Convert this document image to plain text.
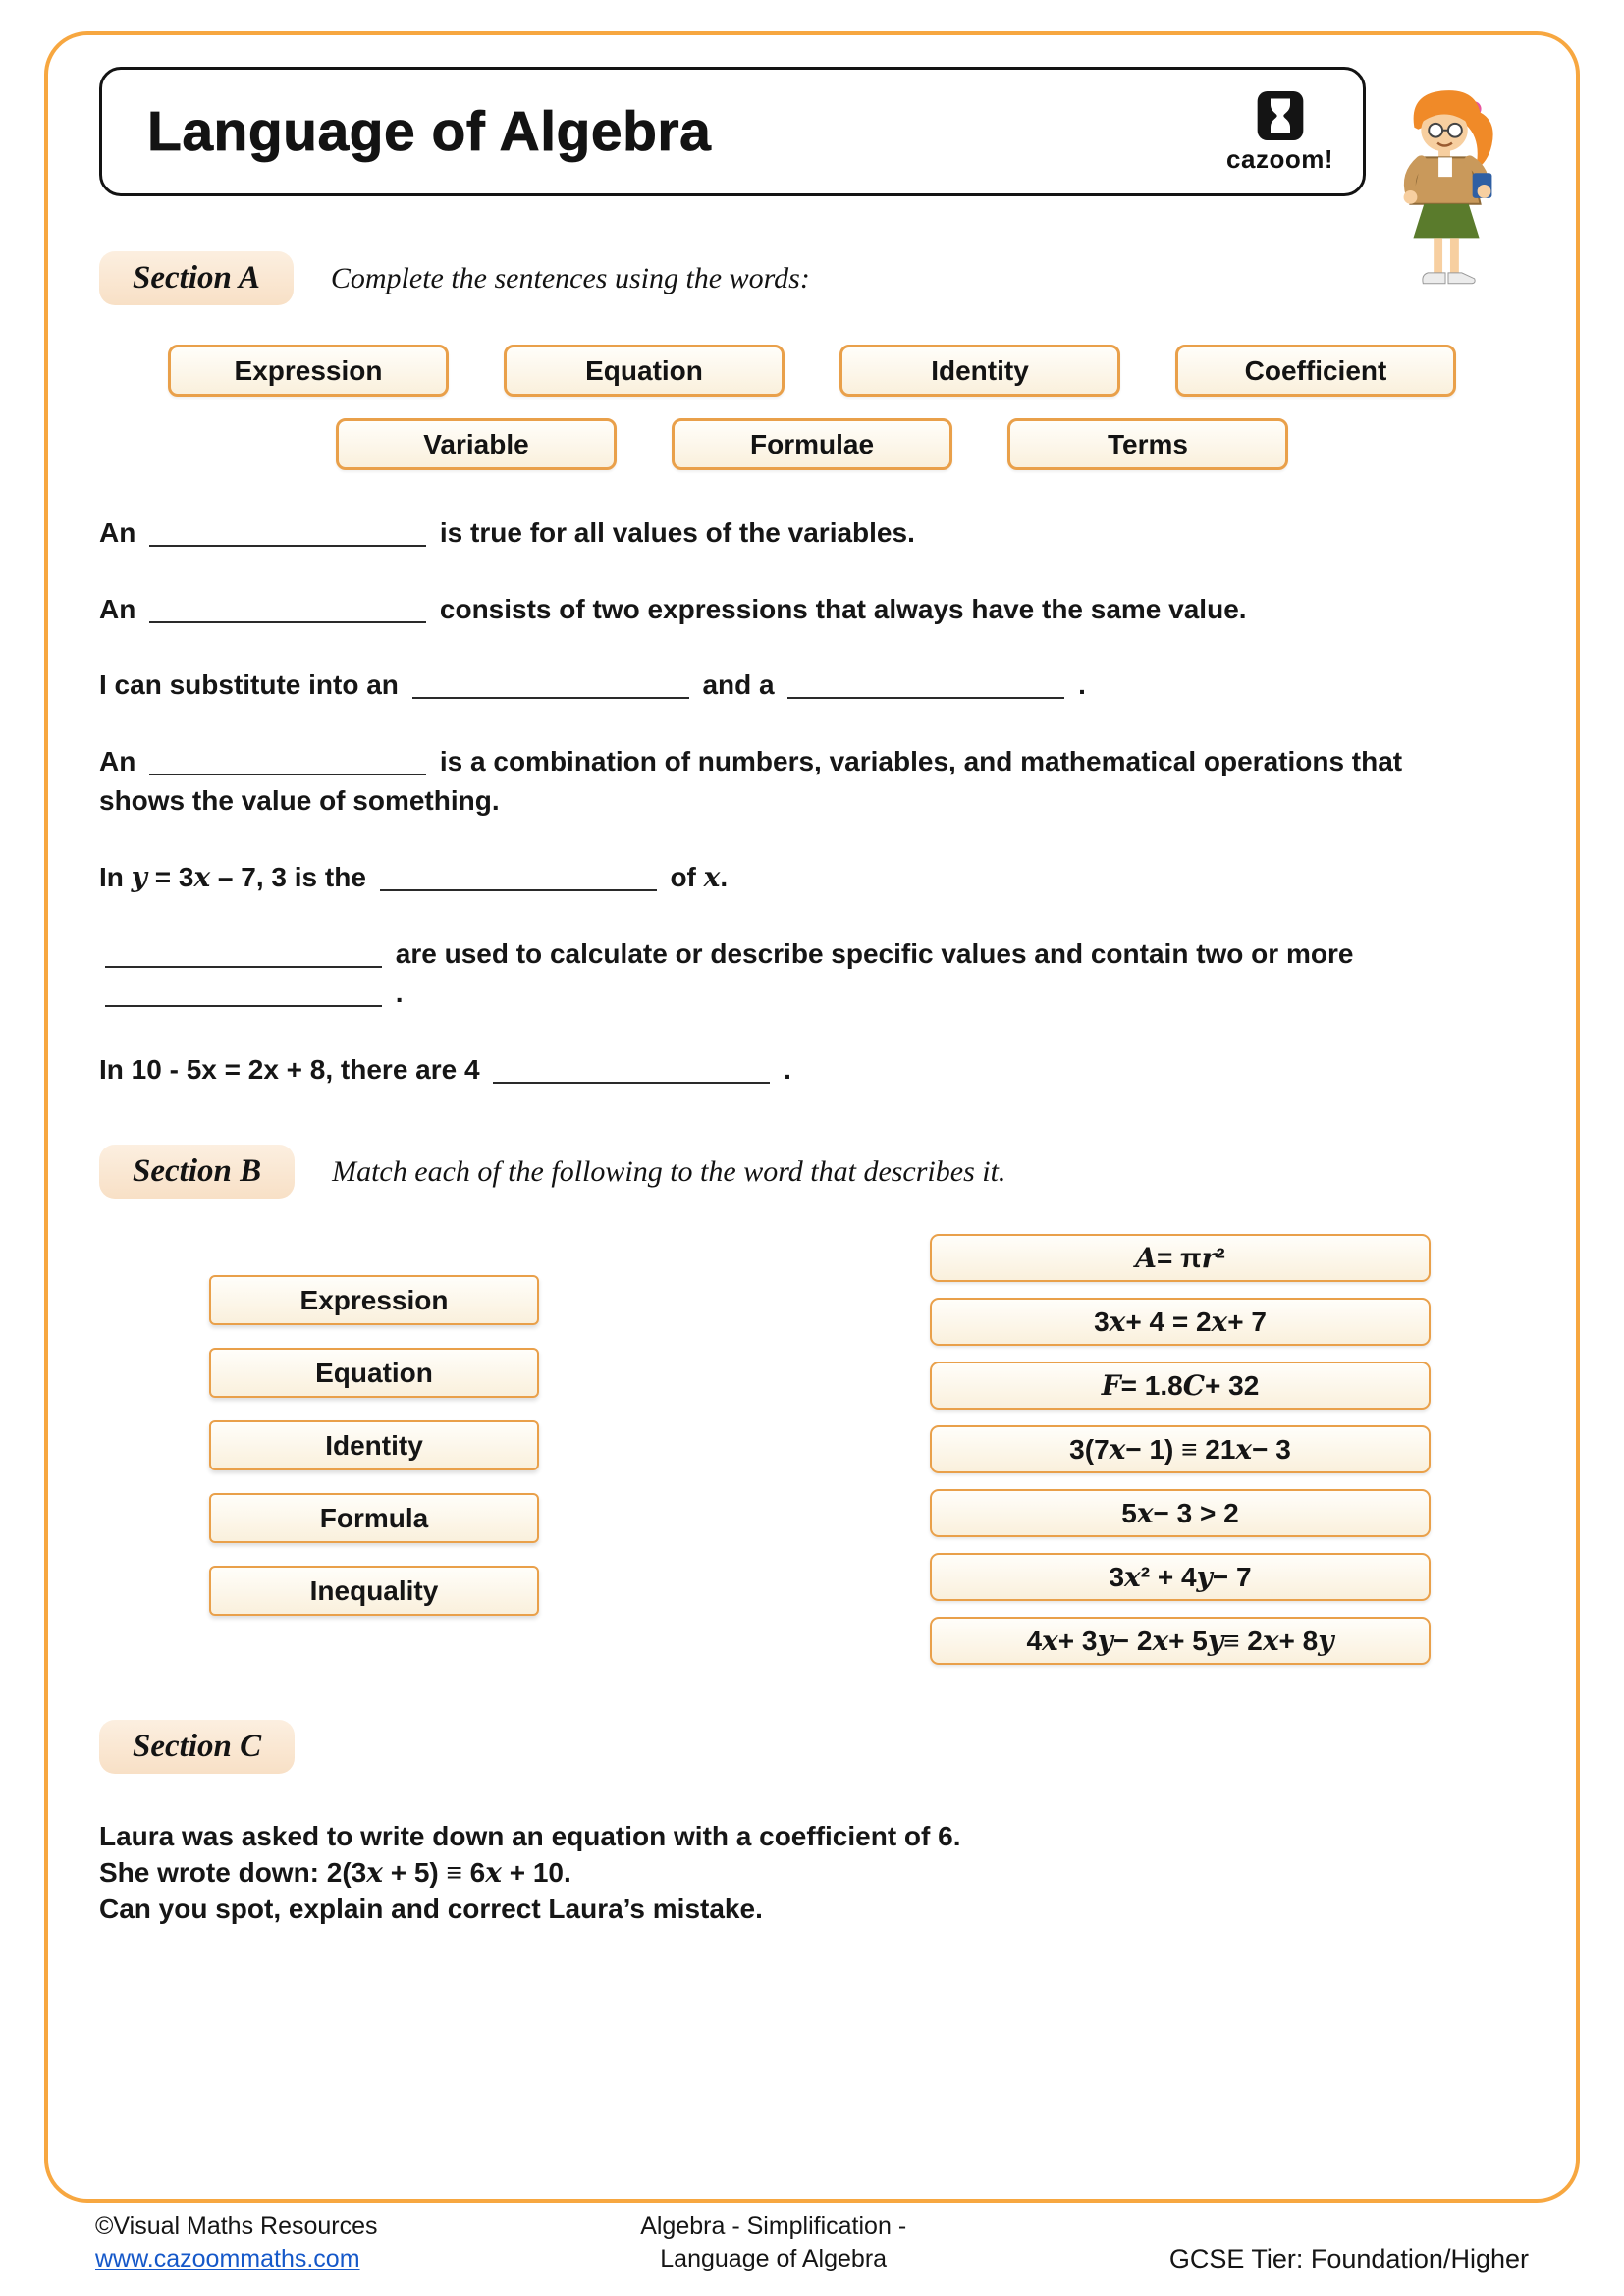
Language of Algebra	cazoom!
Section A	Complete the sentences using the words:
Expression	Equation	Identity	Coefficient
Variable	Formulae	Terms
An	is true for all values of the variables.
An	consists of two expressions that always have the same value.
I can substitute into an	and a	.
An	is a combination of numbers, variables, and mathematical operations that shows the value of something.
In y = 3x – 7, 3 is the	of x.
are used to calculate or describe specific values and contain two or more  .
In 10 - 5x = 2x + 8, there are 4	.
Section B	Match each of the following to the word that describes it.
Expression
Equation
Identity
Formula
Inequality
A = π r ²
3 x + 4 = 2 x + 7
F = 1.8 C + 32
3(7 x − 1) ≡ 21 x − 3
5 x − 3 > 2
3 x ² + 4 y − 7
4 x + 3 y − 2 x + 5 y ≡ 2 x + 8 y
Section C
Laura was asked to write down an equation with a coefficient of 6.
She wrote down: 2(3x + 5) ≡ 6x + 10.
Can you spot, explain and correct Laura’s mistake.
©Visual Maths Resources
www.cazoommaths.com
Algebra - Simplification -
Language of Algebra	GCSE Tier: Foundation/Higher
